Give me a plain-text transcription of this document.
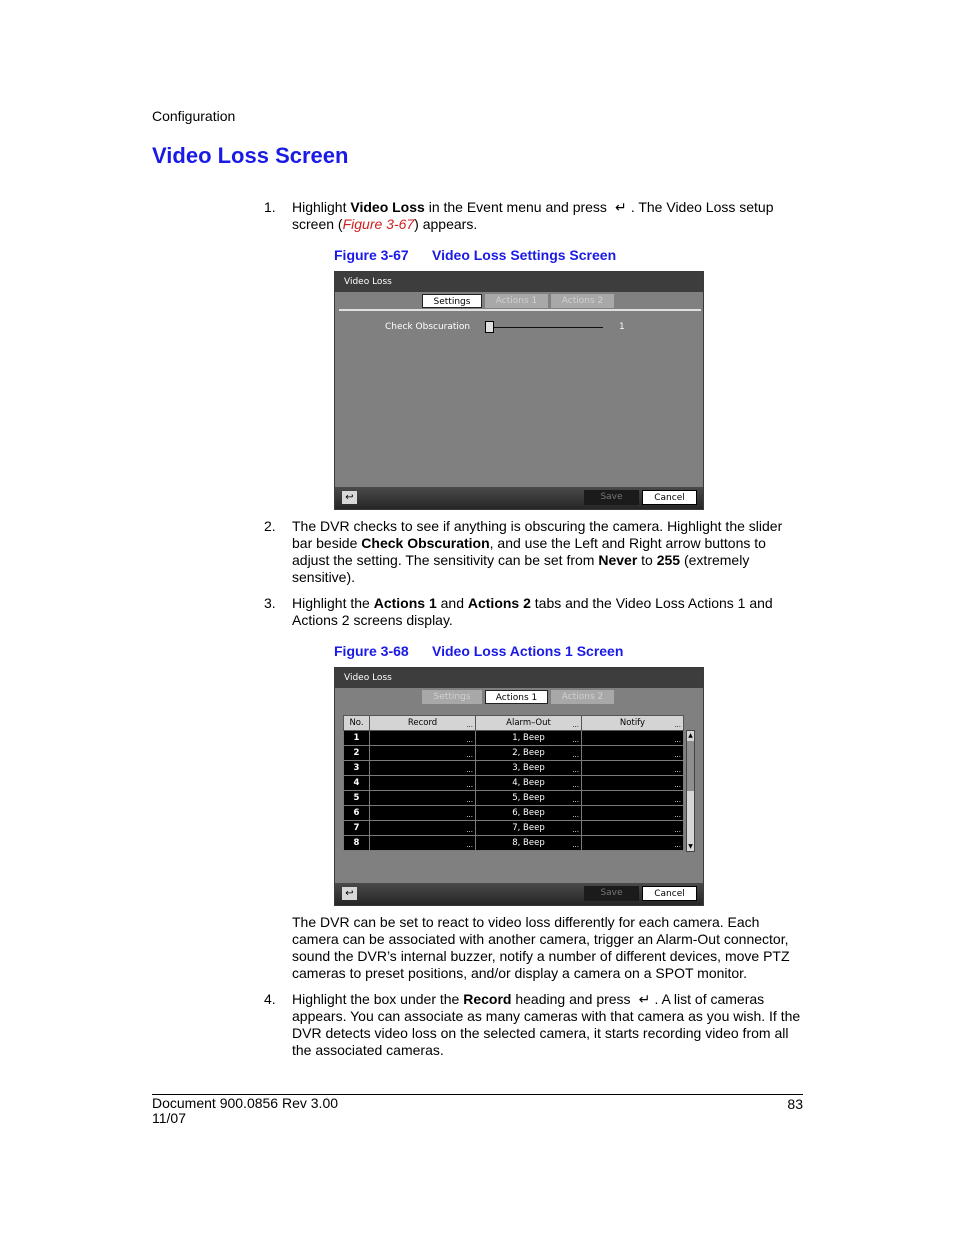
Configuration
Video Loss Screen
1. Highlight Video Loss in the Event menu and press ↵ . The Video Loss setup screen (Figure 3-67) appears.
Figure 3-67 Video Loss Settings Screen
Video Loss
Settings	Actions 1	Actions 2
Check Obscuration	1
↩	Save	Cancel
2. The DVR checks to see if anything is obscuring the camera. Highlight the slider bar beside Check Obscuration, and use the Left and Right arrow buttons to adjust the setting. The sensitivity can be set from Never to 255 (extremely sensitive).
3. Highlight the Actions 1 and Actions 2 tabs and the Video Loss Actions 1 and Actions 2 screens display.
Figure 3-68 Video Loss Actions 1 Screen
Video Loss
Settings	Actions 1	Actions 2
No.	Record ...	Alarm–Out ...	Notify ...

1	...	1, Beep ...	...

2	...	2, Beep ...	...

3	...	3, Beep ...	...

4	...	4, Beep ...	...

5	...	5, Beep ...	...

6	...	6, Beep ...	...

7	...	7, Beep ...	...

8	...	8, Beep ...	...
▲
▼
↩	Save	Cancel
The DVR can be set to react to video loss differently for each camera. Each camera can be associated with another camera, trigger an Alarm-Out connector, sound the DVR’s internal buzzer, notify a number of different devices, move PTZ cameras to preset positions, and/or display a camera on a SPOT monitor.
4. Highlight the box under the Record heading and press ↵ . A list of cameras appears. You can associate as many cameras with that camera as you wish. If the DVR detects video loss on the selected camera, it starts recording video from all the associated cameras.
Document 900.0856 Rev 3.00
11/07
83
